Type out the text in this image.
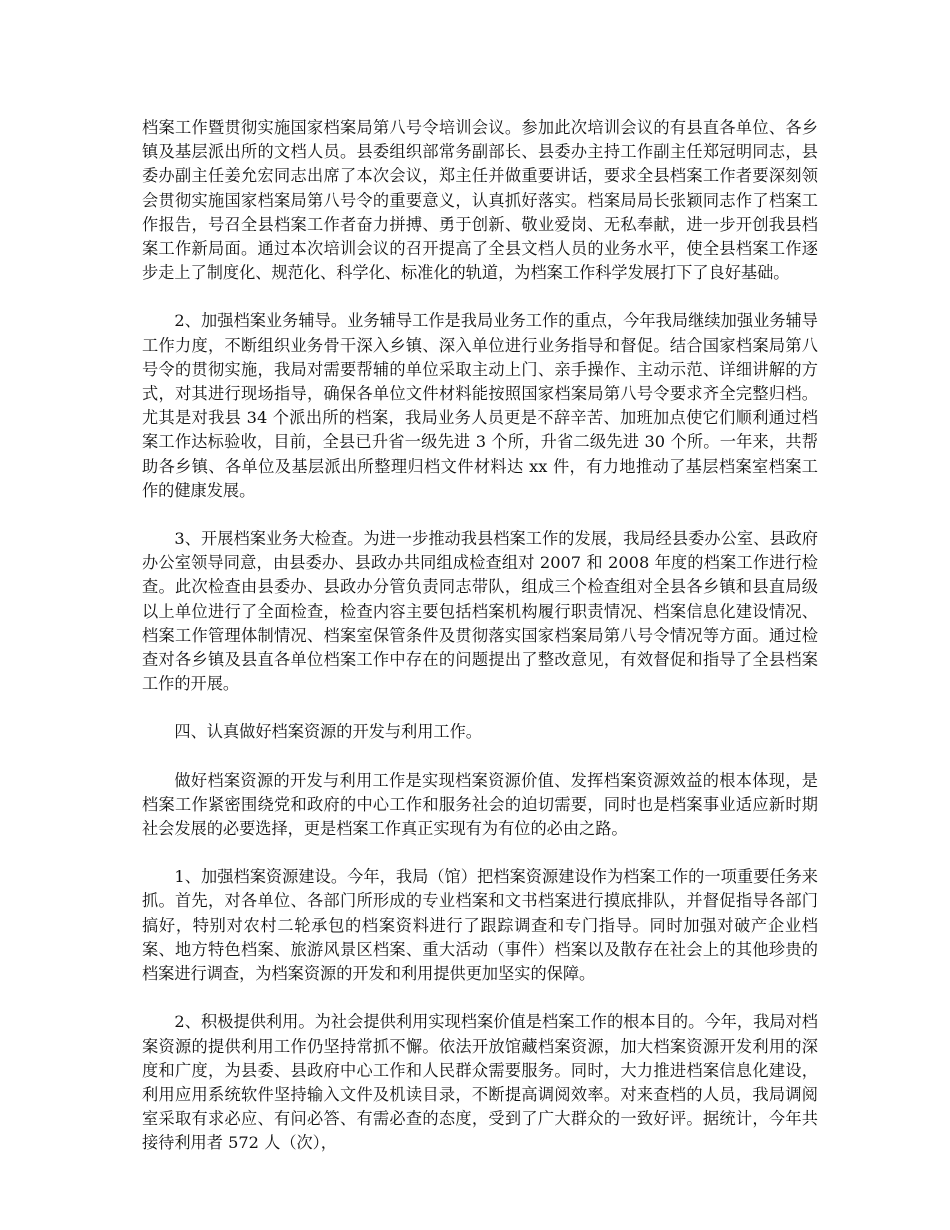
档案工作暨贯彻实施国家档案局第八号令培训会议。参加此次培训会议的有县直各单位、各乡镇及基层派出所的文档人员。县委组织部常务副部长、县委办主持工作副主任郑冠明同志，县委办副主任姜允宏同志出席了本次会议，郑主任并做重要讲话，要求全县档案工作者要深刻领会贯彻实施国家档案局第八号令的重要意义，认真抓好落实。档案局局长张颖同志作了档案工作报告，号召全县档案工作者奋力拼搏、勇于创新、敬业爱岗、无私奉献，进一步开创我县档案工作新局面。通过本次培训会议的召开提高了全县文档人员的业务水平，使全县档案工作逐步走上了制度化、规范化、科学化、标准化的轨道，为档案工作科学发展打下了良好基础。

2、加强档案业务辅导。业务辅导工作是我局业务工作的重点，今年我局继续加强业务辅导工作力度，不断组织业务骨干深入乡镇、深入单位进行业务指导和督促。结合国家档案局第八号令的贯彻实施，我局对需要帮辅的单位采取主动上门、亲手操作、主动示范、详细讲解的方式，对其进行现场指导，确保各单位文件材料能按照国家档案局第八号令要求齐全完整归档。尤其是对我县 34 个派出所的档案，我局业务人员更是不辞辛苦、加班加点使它们顺利通过档案工作达标验收，目前，全县已升省一级先进 3 个所，升省二级先进 30 个所。一年来，共帮助各乡镇、各单位及基层派出所整理归档文件材料达 xx 件，有力地推动了基层档案室档案工作的健康发展。

3、开展档案业务大检查。为进一步推动我县档案工作的发展，我局经县委办公室、县政府办公室领导同意，由县委办、县政办共同组成检查组对 2007 和 2008 年度的档案工作进行检查。此次检查由县委办、县政办分管负责同志带队，组成三个检查组对全县各乡镇和县直局级以上单位进行了全面检查，检查内容主要包括档案机构履行职责情况、档案信息化建设情况、档案工作管理体制情况、档案室保管条件及贯彻落实国家档案局第八号令情况等方面。通过检查对各乡镇及县直各单位档案工作中存在的问题提出了整改意见，有效督促和指导了全县档案工作的开展。

四、认真做好档案资源的开发与利用工作。

做好档案资源的开发与利用工作是实现档案资源价值、发挥档案资源效益的根本体现，是档案工作紧密围绕党和政府的中心工作和服务社会的迫切需要，同时也是档案事业适应新时期社会发展的必要选择，更是档案工作真正实现有为有位的必由之路。

1、加强档案资源建设。今年，我局（馆）把档案资源建设作为档案工作的一项重要任务来抓。首先，对各单位、各部门所形成的专业档案和文书档案进行摸底排队，并督促指导各部门搞好，特别对农村二轮承包的档案资料进行了跟踪调查和专门指导。同时加强对破产企业档案、地方特色档案、旅游风景区档案、重大活动（事件）档案以及散存在社会上的其他珍贵的档案进行调查，为档案资源的开发和利用提供更加坚实的保障。

2、积极提供利用。为社会提供利用实现档案价值是档案工作的根本目的。今年，我局对档案资源的提供利用工作仍坚持常抓不懈。依法开放馆藏档案资源，加大档案资源开发利用的深度和广度，为县委、县政府中心工作和人民群众需要服务。同时，大力推进档案信息化建设，利用应用系统软件坚持输入文件及机读目录，不断提高调阅效率。对来查档的人员，我局调阅室采取有求必应、有问必答、有需必查的态度，受到了广大群众的一致好评。据统计，今年共接待利用者 572 人（次），
